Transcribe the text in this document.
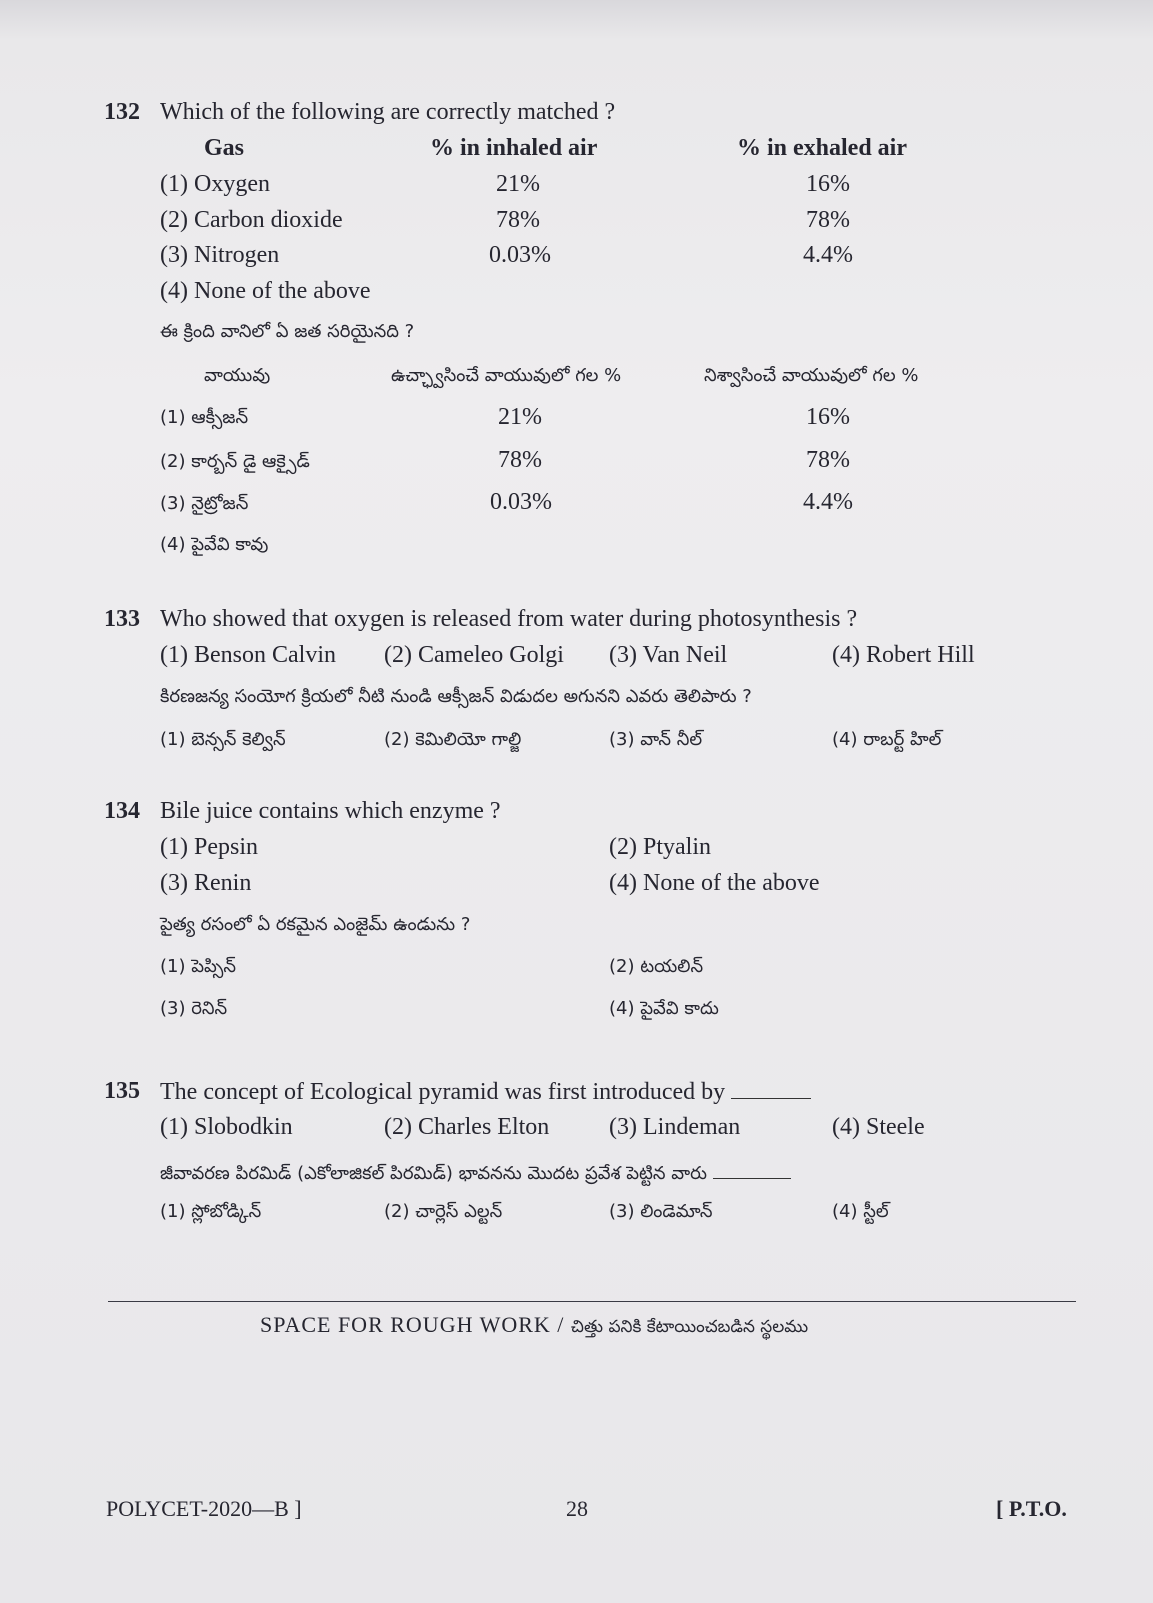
132 Which of the following are correctly matched ?
Gas	% in inhaled air	% in exhaled air
(1) Oxygen	21%	16%
(2) Carbon dioxide	78%	78%
(3) Nitrogen	0.03%	4.4%
(4) None of the above
ఈ క్రింది వానిలో ఏ జత సరియైనది ?
వాయువు	ఉచ్ఛ్వాసించే వాయువులో గల %	నిశ్వాసించే వాయువులో గల %
(1) ఆక్సీజన్	21%	16%
(2) కార్బన్ డై ఆక్సైడ్	78%	78%
(3) నైట్రోజన్	0.03%	4.4%
(4) పైవేవి కావు
133 Who showed that oxygen is released from water during photosynthesis ?
(1) Benson Calvin (2) Cameleo Golgi (3) Van Neil	(4) Robert Hill
కిరణజన్య సంయోగ క్రియలో నీటి నుండి ఆక్సీజన్ విడుదల అగునని ఎవరు తెలిపారు ?
(1) బెన్సన్ కెల్విన్	(2) కెమిలియో గాల్జి	(3) వాన్ నీల్	(4) రాబర్ట్ హిల్
134 Bile juice contains which enzyme ?
(1) Pepsin	(2) Ptyalin
(3) Renin	(4) None of the above
పైత్య రసంలో ఏ రకమైన ఎంజైమ్ ఉండును ?
(1) పెప్సిన్	(2) టయలిన్
(3) రెనిన్	(4) పైవేవి కాదు
135 The concept of Ecological pyramid was first introduced by
(1) Slobodkin	(2) Charles Elton (3) Lindeman	(4) Steele
జీవావరణ పిరమిడ్ (ఎకోలాజికల్ పిరమిడ్) భావనను మొదట ప్రవేశ పెట్టిన వారు
(1) స్లోబోడ్కిన్	(2) చార్లెస్ ఎల్టన్	(3) లిండెమాన్	(4) స్టీల్
SPACE FOR ROUGH WORK / చిత్తు పనికి కేటాయించబడిన స్థలము
POLYCET-2020—B ]	28	[ P.T.O.
